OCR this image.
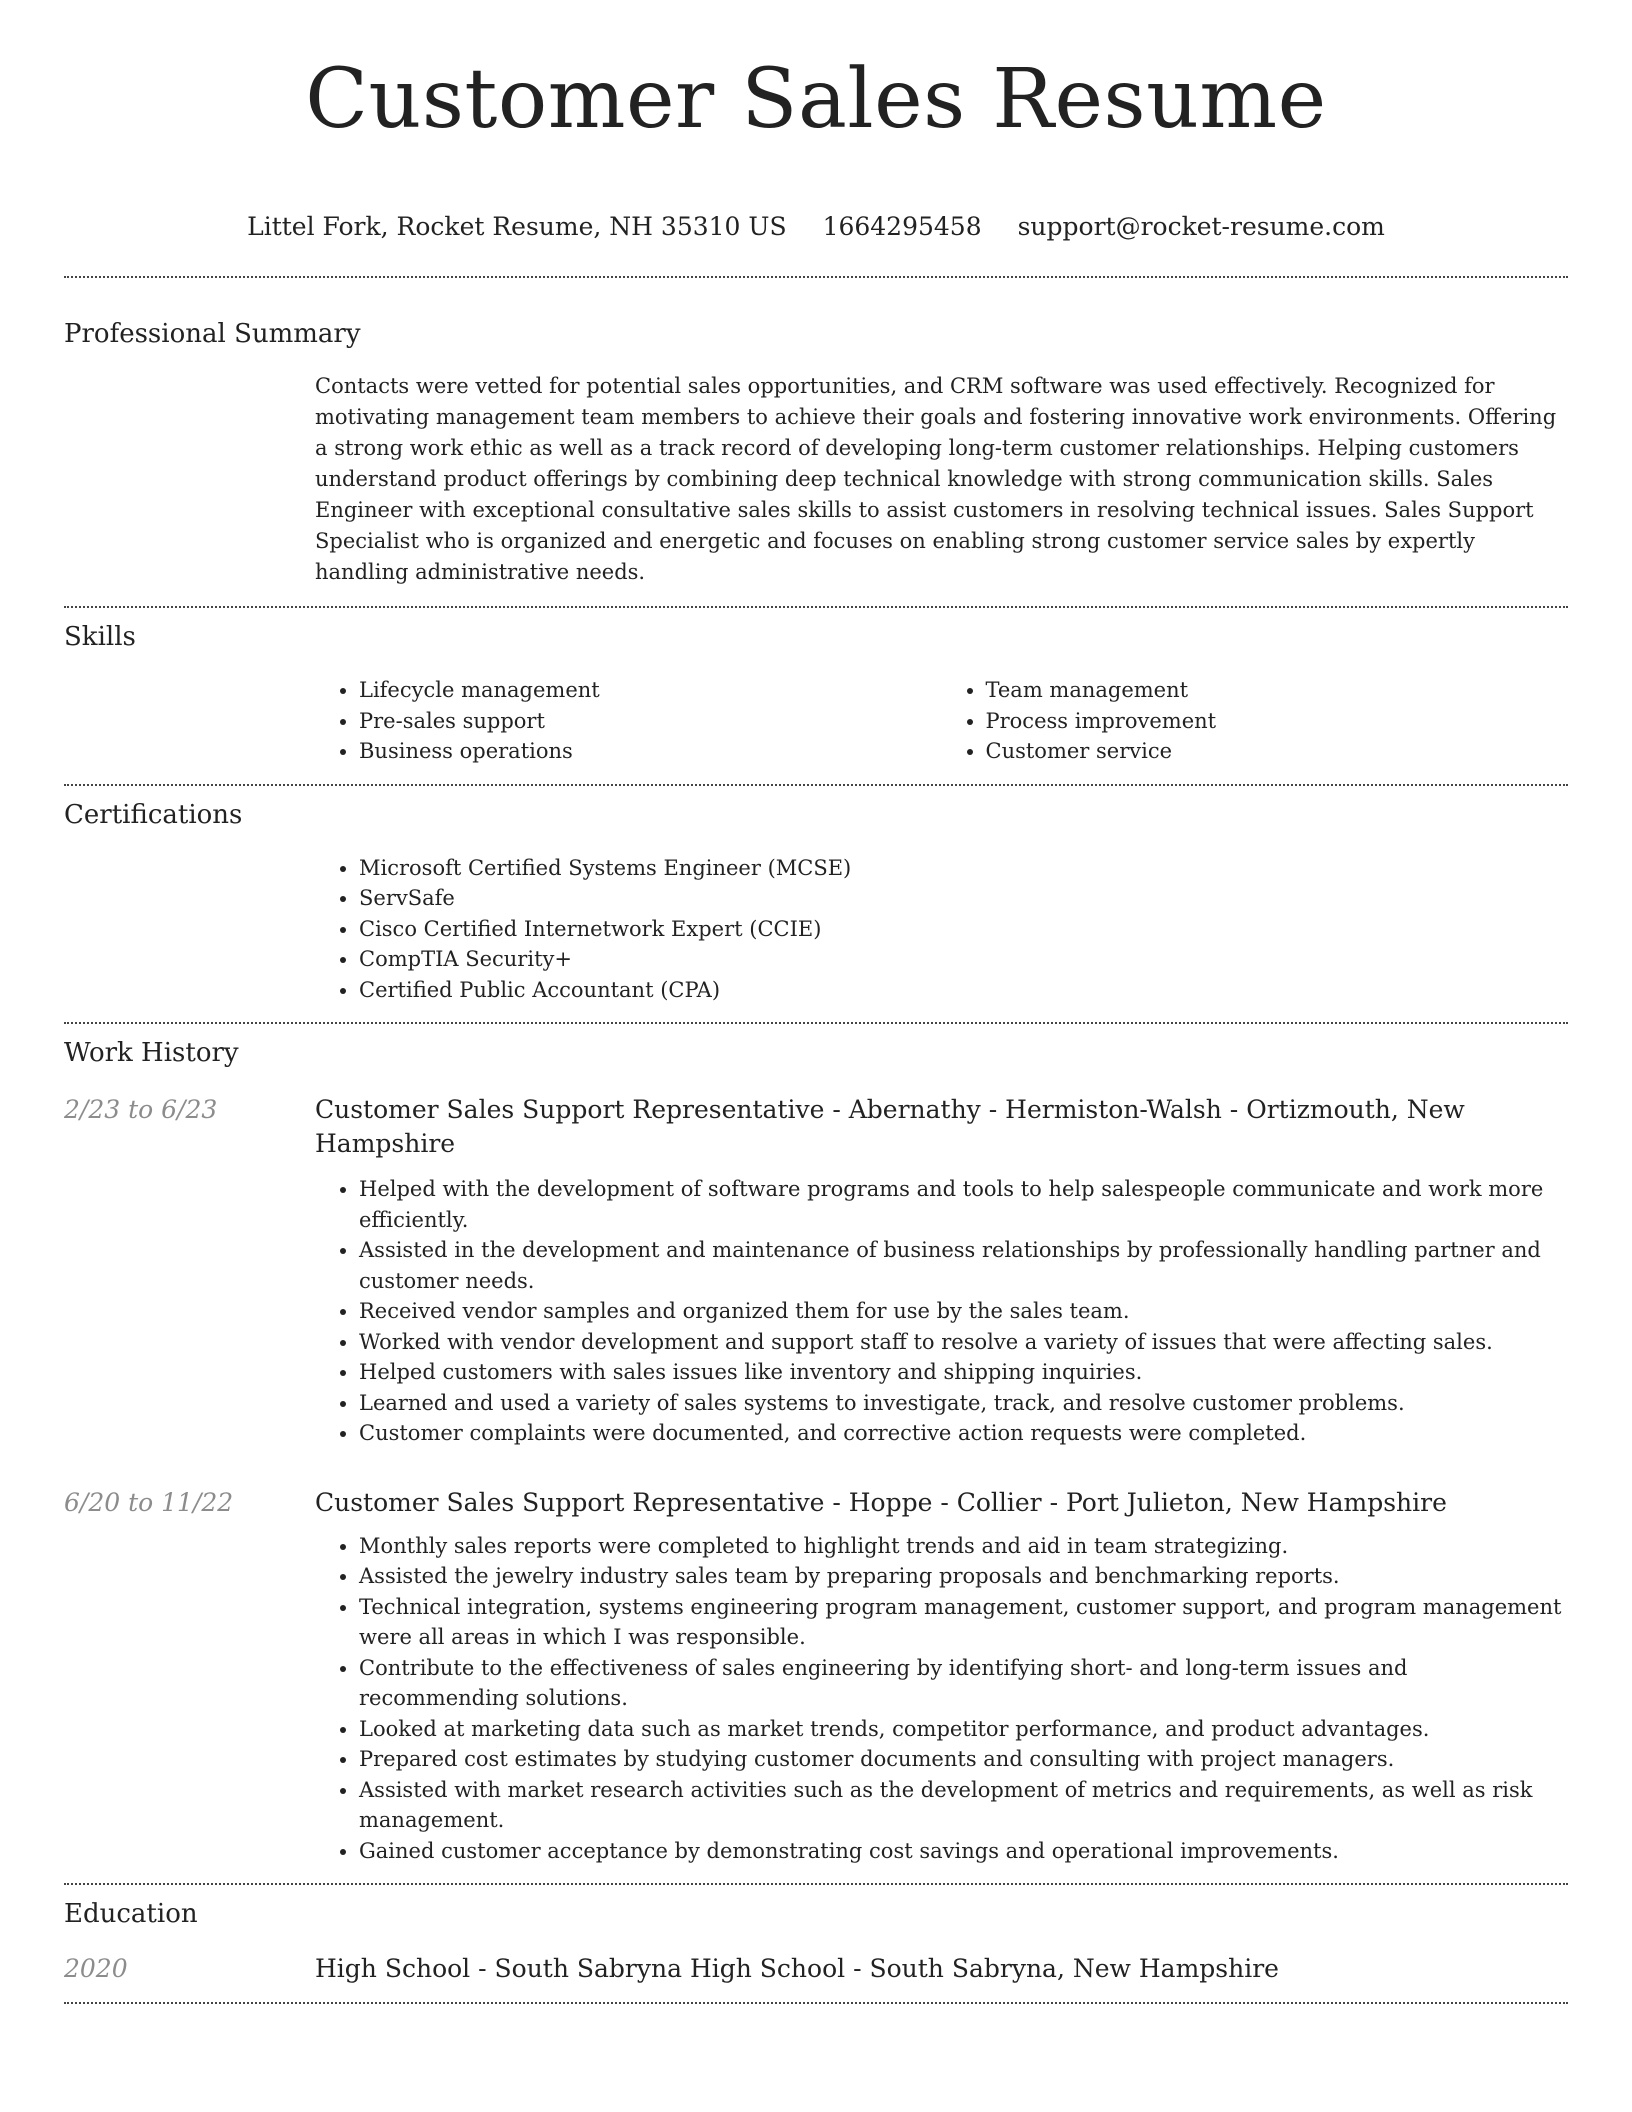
Customer Sales Resume
Littel Fork, Rocket Resume, NH 35310 US 1664295458 support@rocket-resume.com
Professional Summary

Contacts were vetted for potential sales opportunities, and CRM software was used effectively. Recognized for motivating management team members to achieve their goals and fostering innovative work environments. Offering a strong work ethic as well as a track record of developing long-term customer relationships. Helping customers understand product offerings by combining deep technical knowledge with strong communication skills. Sales Engineer with exceptional consultative sales skills to assist customers in resolving technical issues. Sales Support Specialist who is organized and energetic and focuses on enabling strong customer service sales by expertly handling administrative needs.

Skills
• Lifecycle management
• Pre-sales support
• Business operations
• Team management
• Process improvement
• Customer service
Certifications
• Microsoft Certified Systems Engineer (MCSE)
• ServSafe
• Cisco Certified Internetwork Expert (CCIE)
• CompTIA Security+
• Certified Public Accountant (CPA)
Work History
2/23 to 6/23	Customer Sales Support Representative - Abernathy - Hermiston-Walsh - Ortizmouth, New Hampshire
• Helped with the development of software programs and tools to help salespeople communicate and work more efficiently.
• Assisted in the development and maintenance of business relationships by professionally handling partner and customer needs.
• Received vendor samples and organized them for use by the sales team.
• Worked with vendor development and support staff to resolve a variety of issues that were affecting sales.
• Helped customers with sales issues like inventory and shipping inquiries.
• Learned and used a variety of sales systems to investigate, track, and resolve customer problems.
• Customer complaints were documented, and corrective action requests were completed.
6/20 to 11/22	Customer Sales Support Representative - Hoppe - Collier - Port Julieton, New Hampshire
• Monthly sales reports were completed to highlight trends and aid in team strategizing.
• Assisted the jewelry industry sales team by preparing proposals and benchmarking reports.
• Technical integration, systems engineering program management, customer support, and program management were all areas in which I was responsible.
• Contribute to the effectiveness of sales engineering by identifying short- and long-term issues and recommending solutions.
• Looked at marketing data such as market trends, competitor performance, and product advantages.
• Prepared cost estimates by studying customer documents and consulting with project managers.
• Assisted with market research activities such as the development of metrics and requirements, as well as risk management.
• Gained customer acceptance by demonstrating cost savings and operational improvements.
Education
2020	High School - South Sabryna High School - South Sabryna, New Hampshire
